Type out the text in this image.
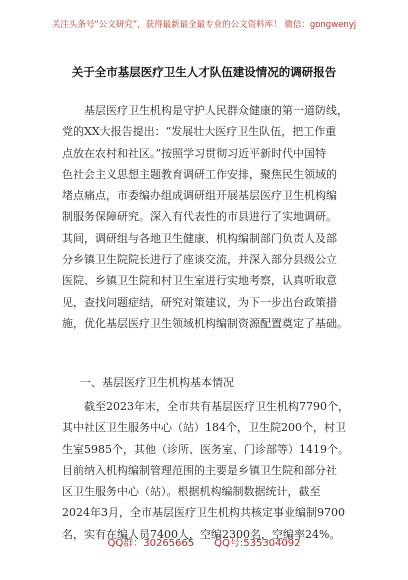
关注头条号“公文研究”，获得最新最全最专业的公文资料库！ 微信：gongwenyj
关于全市基层医疗卫生人才队伍建设情况的调研报告
　　基层医疗卫生机构是守护人民群众健康的第一道防线，
党的XX大报告提出：“发展壮大医疗卫生队伍，把工作重
点放在农村和社区。”按照学习贯彻习近平新时代中国特
色社会主义思想主题教育调研工作安排，聚焦民生领域的
堵点痛点，市委编办组成调研组开展基层医疗卫生机构编
制服务保障研究。深入有代表性的市县进行了实地调研。
其间，调研组与各地卫生健康、机构编制部门负责人及部
分乡镇卫生院院长进行了座谈交流，并深入部分县级公立
医院、乡镇卫生院和村卫生室进行实地考察，认真听取意
见，查找问题症结，研究对策建议，为下一步出台政策措
施，优化基层医疗卫生领域机构编制资源配置奠定了基础。
一、基层医疗卫生机构基本情况
　　截至2023年末，全市共有基层医疗卫生机构7790个，
其中社区卫生服务中心（站）184个，卫生院200个，村卫
生室5985个，其他（诊所、医务室、门诊部等）1419个。
目前纳入机构编制管理范围的主要是乡镇卫生院和部分社
区卫生服务中心（站）。根据机构编制数据统计，截至
2024年3月，全市基层医疗卫生机构共核定事业编制9700
名，实有在编人员7400人，空编2300名，空编率24%。
QQ群：30265665　　QQ号:535304092
